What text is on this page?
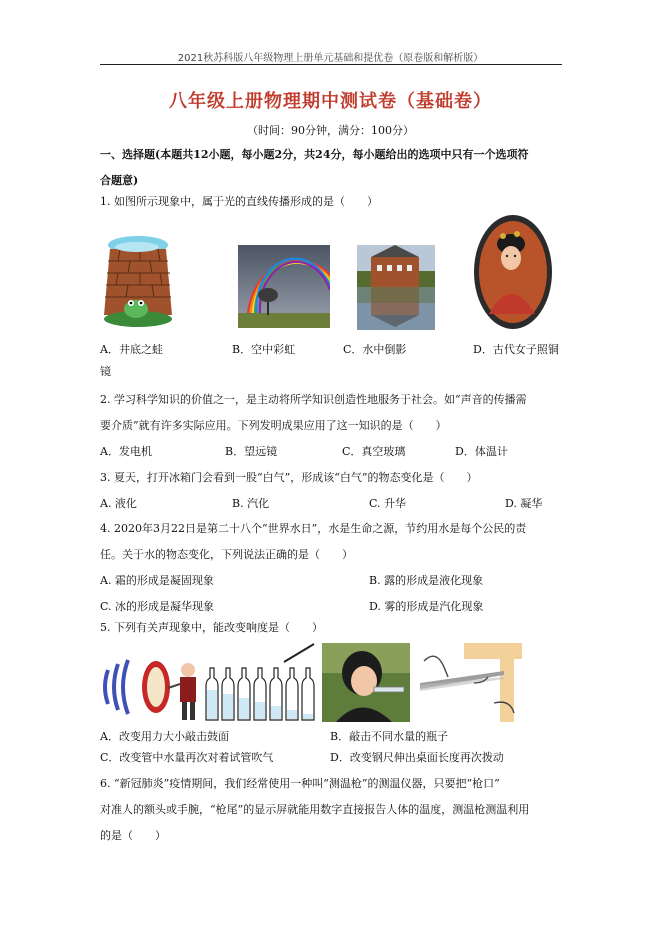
2021秋苏科版八年级物理上册单元基础和提优卷（原卷版和解析版）
八年级上册物理期中测试卷（基础卷）
（时间：90分钟，满分：100分）
一、选择题(本题共12小题，每小题2分，共24分，每小题给出的选项中只有一个选项符
合题意)
1. 如图所示现象中，属于光的直线传播形成的是（　　）
A．井底之蛙	B．空中彩虹	C．水中倒影	D．古代女子照铜
镜
2. 学习科学知识的价值之一，是主动将所学知识创造性地服务于社会。如“声音的传播需
要介质”就有许多实际应用。下列发明成果应用了这一知识的是（　　）
A．发电机	B．望远镜	C．真空玻璃	D．体温计
3. 夏天，打开冰箱门会看到一股“白气”，形成该“白气”的物态变化是（　　）
A. 液化	B. 汽化	C. 升华	D. 凝华
4. 2020年3月22日是第二十八个“世界水日”，水是生命之源，节约用水是每个公民的责
任。关于水的物态变化，下列说法正确的是（　　）
A. 霜的形成是凝固现象	B. 露的形成是液化现象
C. 冰的形成是凝华现象	D. 雾的形成是汽化现象
5. 下列有关声现象中，能改变响度是（　　）
A．改变用力大小敲击鼓面	B．敲击不同水量的瓶子
C．改变管中水量再次对着试管吹气	D．改变钢尺伸出桌面长度再次拨动
6. “新冠肺炎”疫情期间，我们经常使用一种叫“测温枪”的测温仪器，只要把“枪口”
对准人的额头或手腕，“枪尾”的显示屏就能用数字直接报告人体的温度，测温枪测温利用
的是（　　）
